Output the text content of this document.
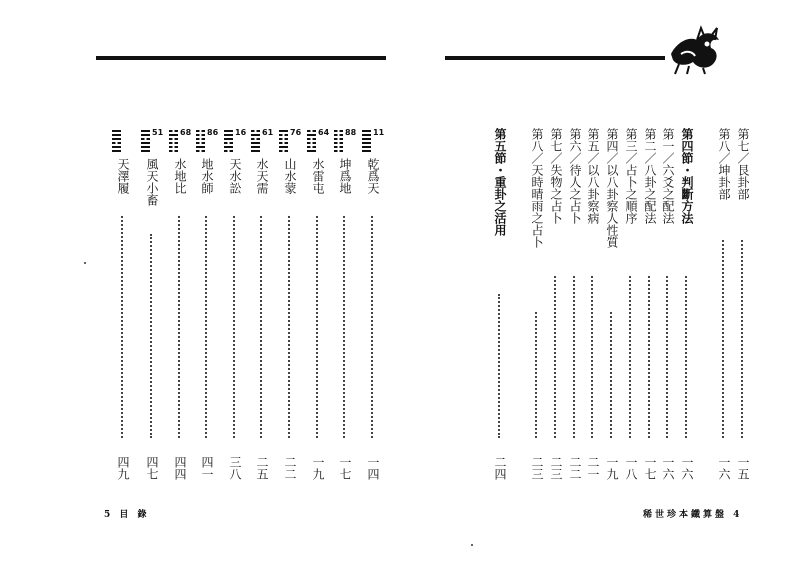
11
乾爲天
一四
88
坤爲地
一七
64
水雷屯
一九
76
山水蒙
二二
61
水天需
二五
16
天水訟
三八
86
地水師
四一
68
水地比
四四
51
風天小畜
四七
天澤履
四九
5 目 錄
第七／艮卦部
一五
第八／坤卦部
一六
第四節・判斷方法
一六
第一／六爻之配法
一六
第二／八卦之配法
一七
第三／占卜之順序
一八
第四／以八卦察人性質
一九
第五／以八卦察病
二一
第六／待人之占卜
二二
第七／失物之占卜
二三
第八／天時晴雨之占卜
二三
第五節・重卦之活用
二四
稀世珍本鐵算盤 4
